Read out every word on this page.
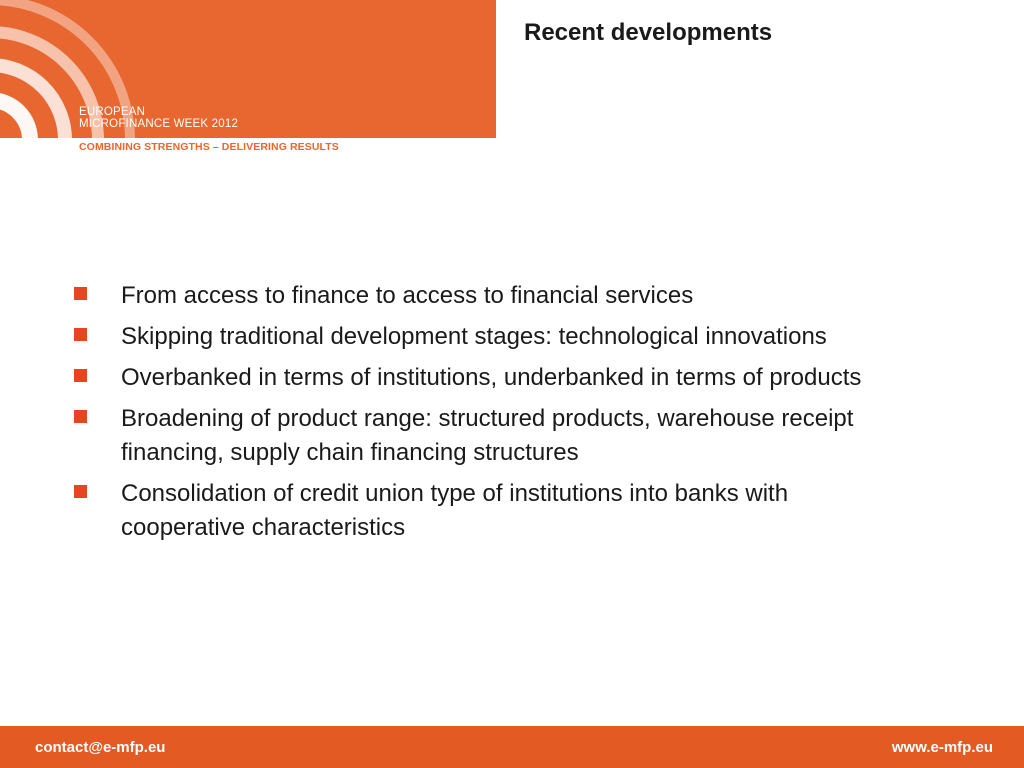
EUROPEAN
MICROFINANCE WEEK 2012
COMBINING STRENGTHS – DELIVERING RESULTS
Recent developments
From access to finance to access to financial services
Skipping traditional development stages: technological innovations
Overbanked in terms of institutions, underbanked in terms of products
Broadening of product range: structured products, warehouse receipt financing, supply chain financing structures
Consolidation of credit union type of institutions into banks with cooperative characteristics
contact@e-mfp.eu	www.e-mfp.eu
